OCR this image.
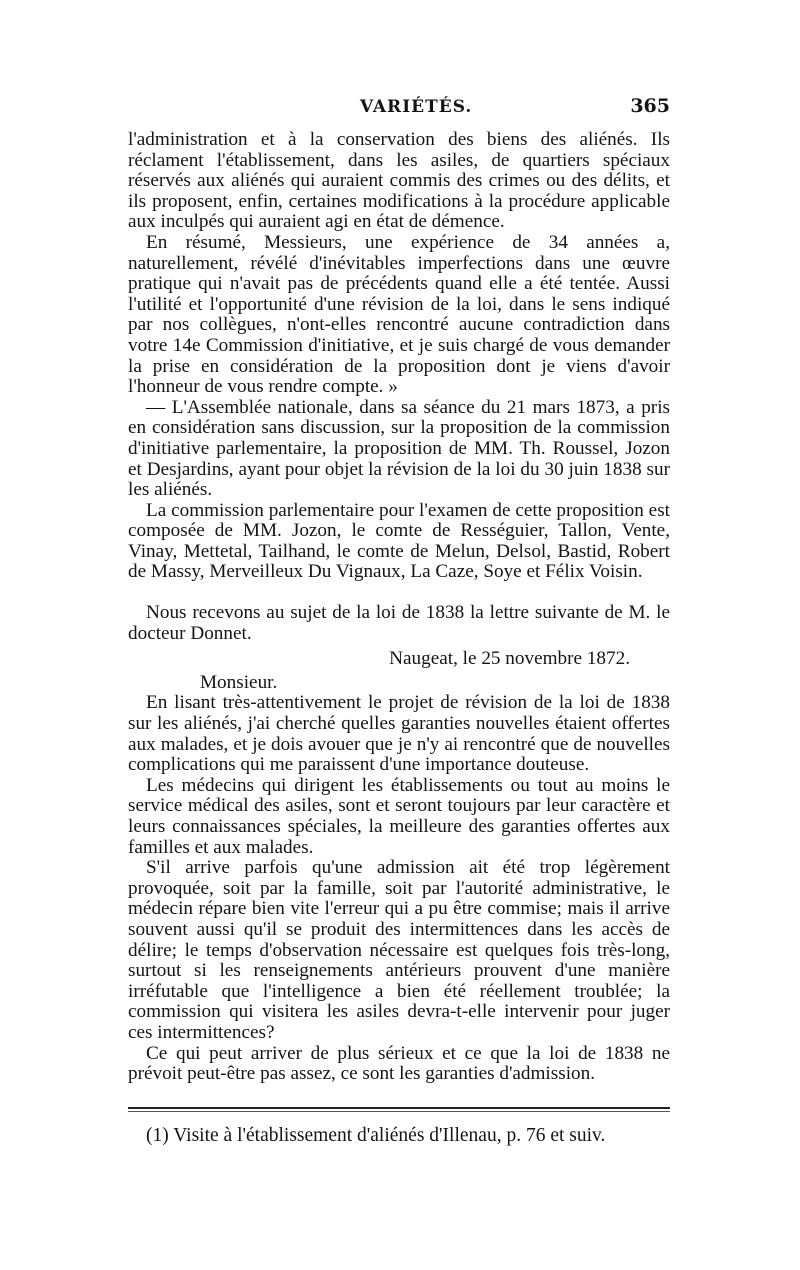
VARIÉTÉS.	365

l'administration et à la conservation des biens des aliénés. Ils réclament l'établissement, dans les asiles, de quartiers spéciaux réservés aux aliénés qui auraient commis des crimes ou des délits, et ils proposent, enfin, certaines modifications à la procédure applicable aux inculpés qui auraient agi en état de démence.

En résumé, Messieurs, une expérience de 34 années a, naturellement, révélé d'inévitables imperfections dans une œuvre pratique qui n'avait pas de précédents quand elle a été tentée. Aussi l'utilité et l'opportunité d'une révision de la loi, dans le sens indiqué par nos collègues, n'ont-elles rencontré aucune contradiction dans votre 14e Commission d'initiative, et je suis chargé de vous demander la prise en considération de la proposition dont je viens d'avoir l'honneur de vous rendre compte. »

— L'Assemblée nationale, dans sa séance du 21 mars 1873, a pris en considération sans discussion, sur la proposition de la commission d'initiative parlementaire, la proposition de MM. Th. Roussel, Jozon et Desjardins, ayant pour objet la révision de la loi du 30 juin 1838 sur les aliénés.

La commission parlementaire pour l'examen de cette proposition est composée de MM. Jozon, le comte de Rességuier, Tallon, Vente, Vinay, Mettetal, Tailhand, le comte de Melun, Delsol, Bastid, Robert de Massy, Merveilleux Du Vignaux, La Caze, Soye et Félix Voisin.

Nous recevons au sujet de la loi de 1838 la lettre suivante de M. le docteur Donnet.

Naugeat, le 25 novembre 1872.

Monsieur.

En lisant très-attentivement le projet de révision de la loi de 1838 sur les aliénés, j'ai cherché quelles garanties nouvelles étaient offertes aux malades, et je dois avouer que je n'y ai rencontré que de nouvelles complications qui me paraissent d'une importance douteuse.

Les médecins qui dirigent les établissements ou tout au moins le service médical des asiles, sont et seront toujours par leur caractère et leurs connaissances spéciales, la meilleure des garanties offertes aux familles et aux malades.

S'il arrive parfois qu'une admission ait été trop légèrement provoquée, soit par la famille, soit par l'autorité administrative, le médecin répare bien vite l'erreur qui a pu être commise; mais il arrive souvent aussi qu'il se produit des intermittences dans les accès de délire; le temps d'observation nécessaire est quelques fois très-long, surtout si les renseignements antérieurs prouvent d'une manière irréfutable que l'intelligence a bien été réellement troublée; la commission qui visitera les asiles devra-t-elle intervenir pour juger ces intermittences?

Ce qui peut arriver de plus sérieux et ce que la loi de 1838 ne prévoit peut-être pas assez, ce sont les garanties d'admission.

(1) Visite à l'établissement d'aliénés d'Illenau, p. 76 et suiv.
